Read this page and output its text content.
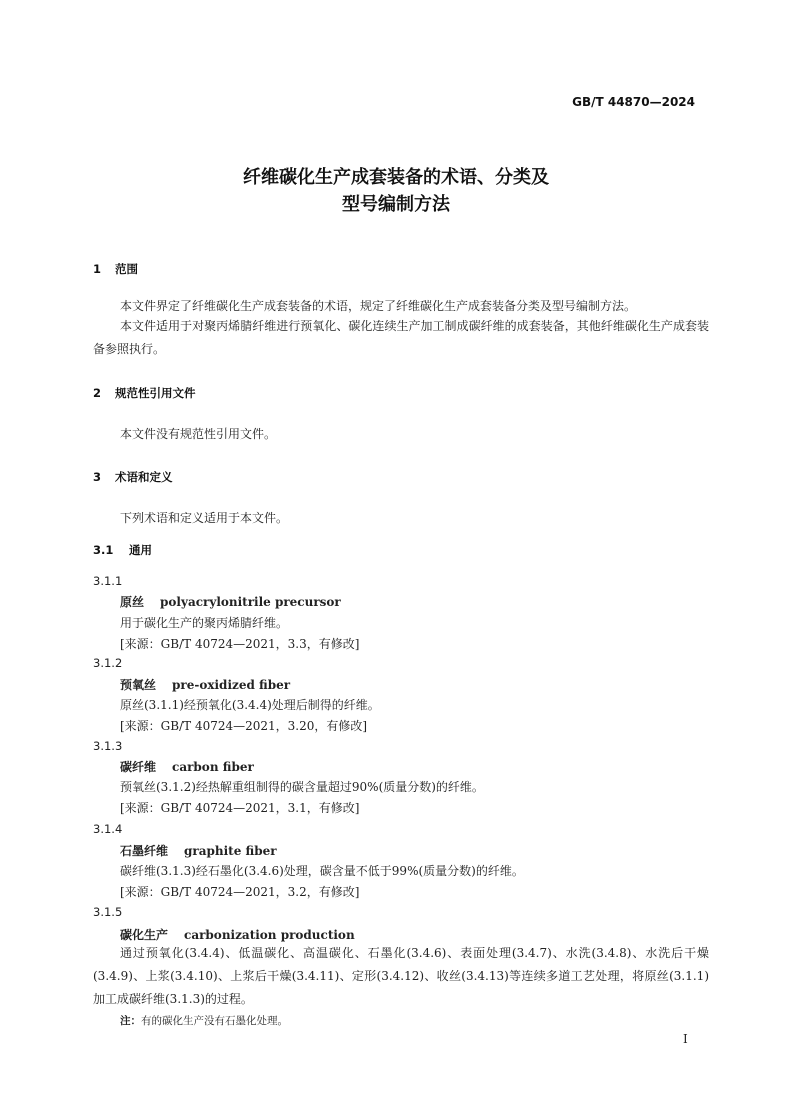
GB/T 44870—2024
纤维碳化生产成套装备的术语、分类及
型号编制方法
1 范围
本文件界定了纤维碳化生产成套装备的术语，规定了纤维碳化生产成套装备分类及型号编制方法。
本文件适用于对聚丙烯腈纤维进行预氧化、碳化连续生产加工制成碳纤维的成套装备，其他纤维碳化生产成套装备参照执行。
2 规范性引用文件
本文件没有规范性引用文件。
3 术语和定义
下列术语和定义适用于本文件。
3.1 通用
3.1.1
原丝 polyacrylonitrile precursor
用于碳化生产的聚丙烯腈纤维。
[来源：GB/T 40724—2021，3.3，有修改]
3.1.2
预氧丝 pre-oxidized fiber
原丝(3.1.1)经预氧化(3.4.4)处理后制得的纤维。
[来源：GB/T 40724—2021，3.20，有修改]
3.1.3
碳纤维 carbon fiber
预氧丝(3.1.2)经热解重组制得的碳含量超过90%(质量分数)的纤维。
[来源：GB/T 40724—2021，3.1，有修改]
3.1.4
石墨纤维 graphite fiber
碳纤维(3.1.3)经石墨化(3.4.6)处理，碳含量不低于99%(质量分数)的纤维。
[来源：GB/T 40724—2021，3.2，有修改]
3.1.5
碳化生产 carbonization production
通过预氧化(3.4.4)、低温碳化、高温碳化、石墨化(3.4.6)、表面处理(3.4.7)、水洗(3.4.8)、水洗后干燥(3.4.9)、上浆(3.4.10)、上浆后干燥(3.4.11)、定形(3.4.12)、收丝(3.4.13)等连续多道工艺处理，将原丝(3.1.1)加工成碳纤维(3.1.3)的过程。
注：有的碳化生产没有石墨化处理。
I
